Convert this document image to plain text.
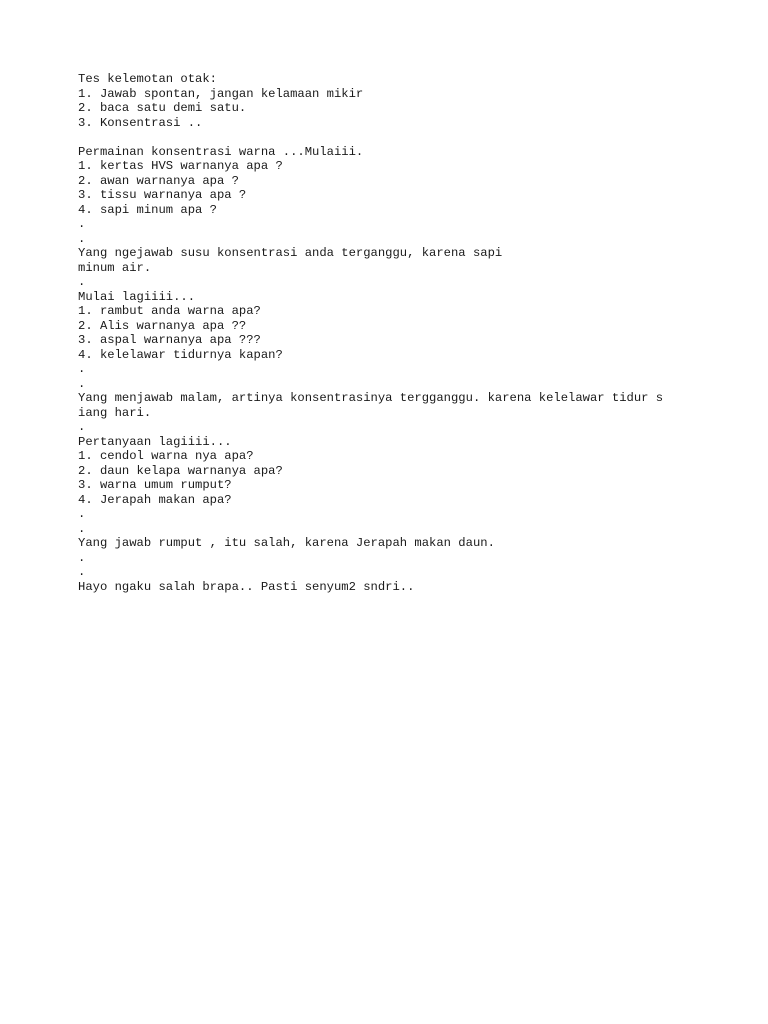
Tes kelemotan otak:
1. Jawab spontan, jangan kelamaan mikir
2. baca satu demi satu.
3. Konsentrasi ..
Permainan konsentrasi warna ...Mulaiii.
1. kertas HVS warnanya apa ?
2. awan warnanya apa ?
3. tissu warnanya apa ?
4. sapi minum apa ?
.
.
Yang ngejawab susu konsentrasi anda terganggu, karena sapi
minum air.
.
Mulai lagiiii...
1. rambut anda warna apa?
2. Alis warnanya apa ??
3. aspal warnanya apa ???
4. kelelawar tidurnya kapan?
.
.
Yang menjawab malam, artinya konsentrasinya tergganggu. karena kelelawar tidur s
iang hari.
.
Pertanyaan lagiiii...
1. cendol warna nya apa?
2. daun kelapa warnanya apa?
3. warna umum rumput?
4. Jerapah makan apa?
.
.
Yang jawab rumput , itu salah, karena Jerapah makan daun.
.
.
Hayo ngaku salah brapa.. Pasti senyum2 sndri..
